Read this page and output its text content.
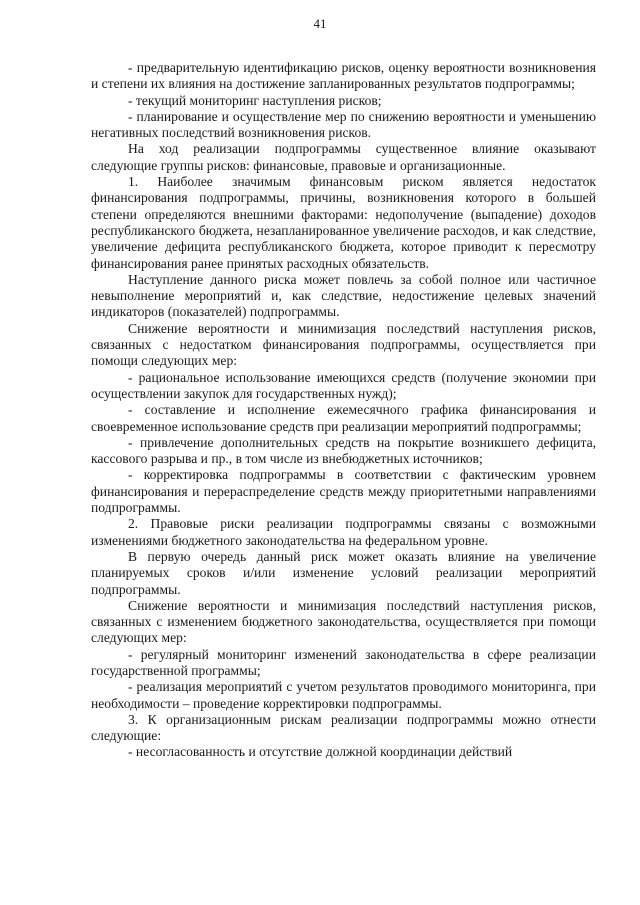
41

- предварительную идентификацию рисков, оценку вероятности возникновения и степени их влияния на достижение запланированных результатов подпрограммы;

- текущий мониторинг наступления рисков;

- планирование и осуществление мер по снижению вероятности и уменьшению негативных последствий возникновения рисков.

На ход реализации подпрограммы существенное влияние оказывают следующие группы рисков: финансовые, правовые и организационные.

1. Наиболее значимым финансовым риском является недостаток финансирования подпрограммы, причины, возникновения которого в большей степени определяются внешними факторами: недополучение (выпадение) доходов республиканского бюджета, незапланированное увеличение расходов, и как следствие, увеличение дефицита республиканского бюджета, которое приводит к пересмотру финансирования ранее принятых расходных обязательств.

Наступление данного риска может повлечь за собой полное или частичное невыполнение мероприятий и, как следствие, недостижение целевых значений индикаторов (показателей) подпрограммы.

Снижение вероятности и минимизация последствий наступления рисков, связанных с недостатком финансирования подпрограммы, осуществляется при помощи следующих мер:

- рациональное использование имеющихся средств (получение экономии при осуществлении закупок для государственных нужд);

- составление и исполнение ежемесячного графика финансирования и своевременное использование средств при реализации мероприятий подпрограммы;

- привлечение дополнительных средств на покрытие возникшего дефицита, кассового разрыва и пр., в том числе из внебюджетных источников;

- корректировка подпрограммы в соответствии с фактическим уровнем финансирования и перераспределение средств между приоритетными направлениями подпрограммы.

2. Правовые риски реализации подпрограммы связаны с возможными изменениями бюджетного законодательства на федеральном уровне.

В первую очередь данный риск может оказать влияние на увеличение планируемых сроков и/или изменение условий реализации мероприятий подпрограммы.

Снижение вероятности и минимизация последствий наступления рисков, связанных с изменением бюджетного законодательства, осуществляется при помощи следующих мер:

- регулярный мониторинг изменений законодательства в сфере реализации государственной программы;

- реализация мероприятий с учетом результатов проводимого мониторинга, при необходимости – проведение корректировки подпрограммы.

3. К организационным рискам реализации подпрограммы можно отнести следующие:

- несогласованность и отсутствие должной координации действий
